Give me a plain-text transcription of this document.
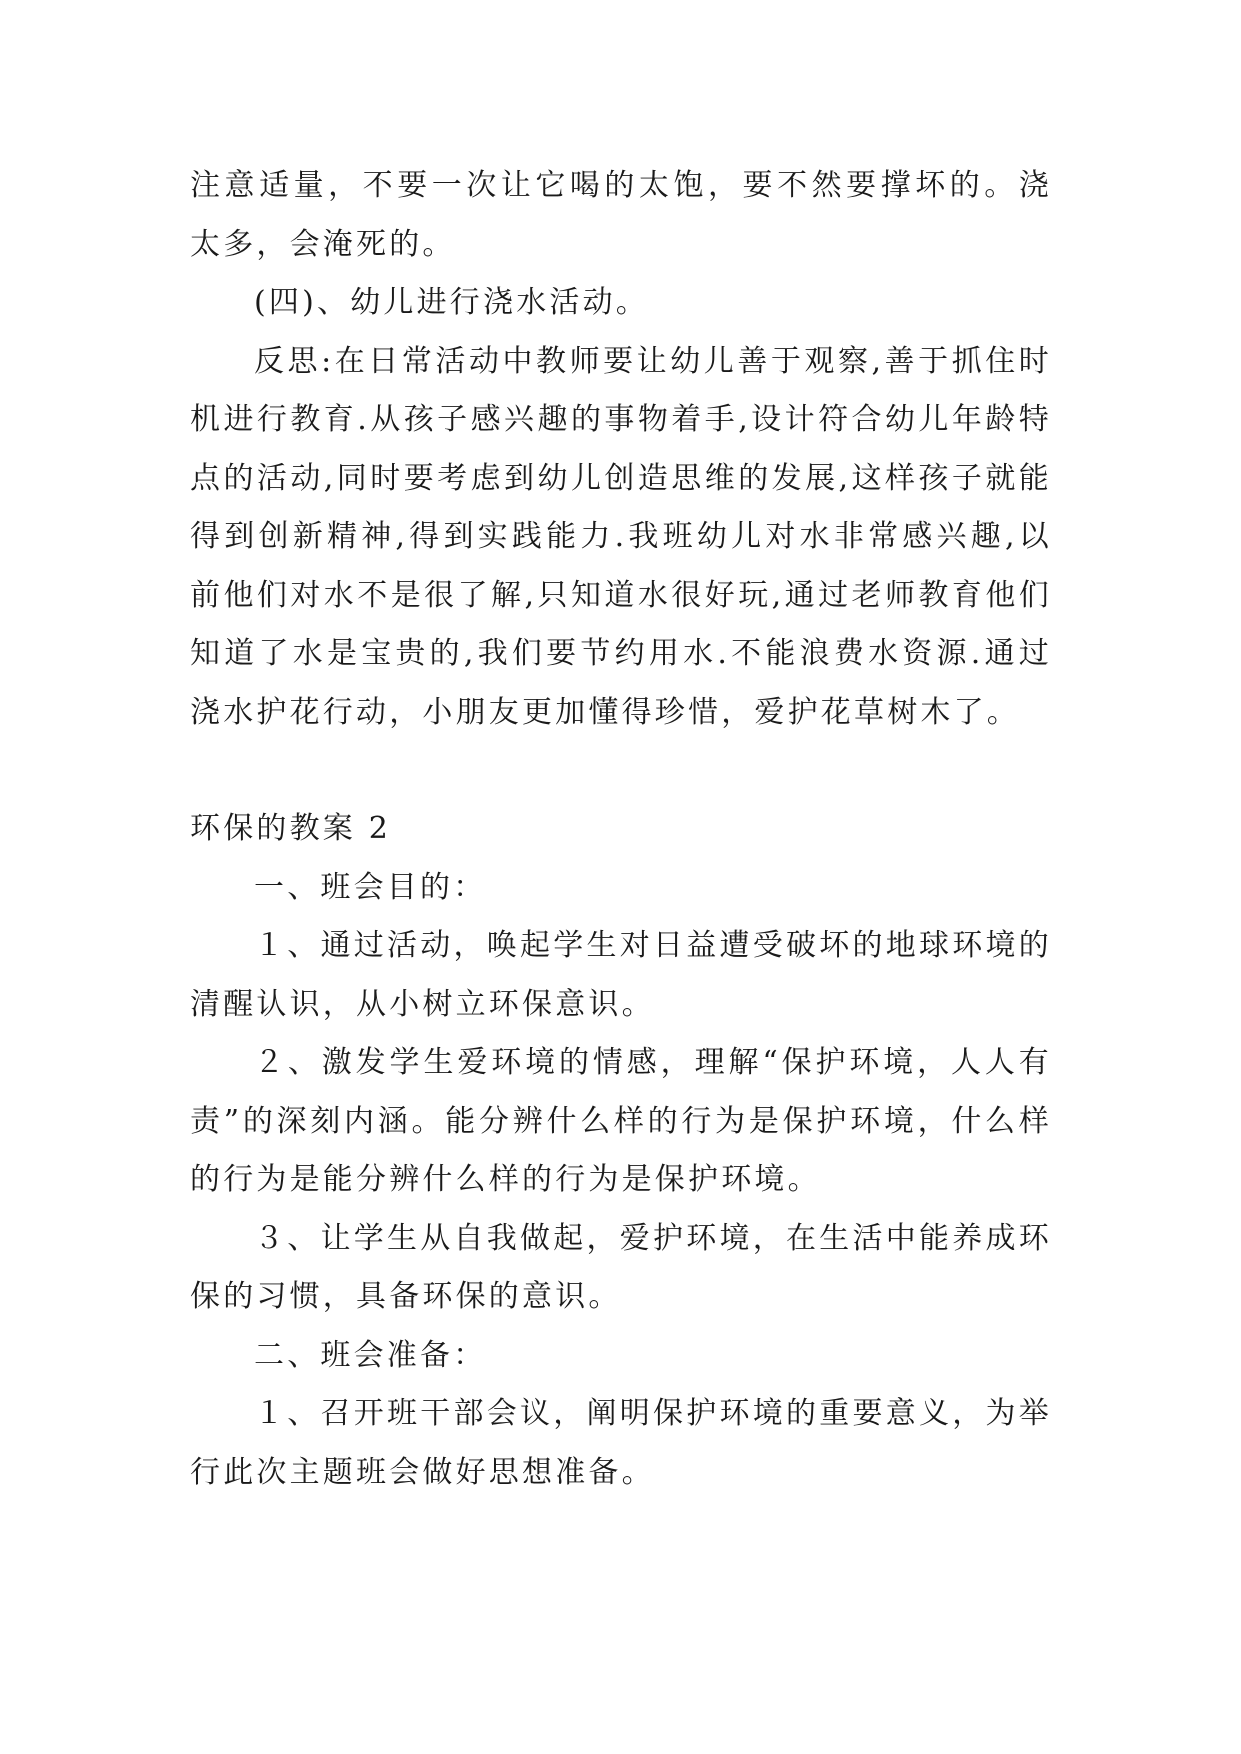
注意适量，不要一次让它喝的太饱，要不然要撑坏的。浇太多，会淹死的。

(四)、幼儿进行浇水活动。

反思:在日常活动中教师要让幼儿善于观察,善于抓住时机进行教育.从孩子感兴趣的事物着手,设计符合幼儿年龄特点的活动,同时要考虑到幼儿创造思维的发展,这样孩子就能得到创新精神,得到实践能力.我班幼儿对水非常感兴趣,以前他们对水不是很了解,只知道水很好玩,通过老师教育他们知道了水是宝贵的,我们要节约用水.不能浪费水资源.通过浇水护花行动，小朋友更加懂得珍惜，爱护花草树木了。

环保的教案 2

一、班会目的：

１、通过活动，唤起学生对日益遭受破坏的地球环境的清醒认识，从小树立环保意识。

２、激发学生爱环境的情感，理解“保护环境，人人有责”的深刻内涵。能分辨什么样的行为是保护环境，什么样的行为是能分辨什么样的行为是保护环境。

３、让学生从自我做起，爱护环境，在生活中能养成环保的习惯，具备环保的意识。

二、班会准备：

１、召开班干部会议，阐明保护环境的重要意义，为举行此次主题班会做好思想准备。
